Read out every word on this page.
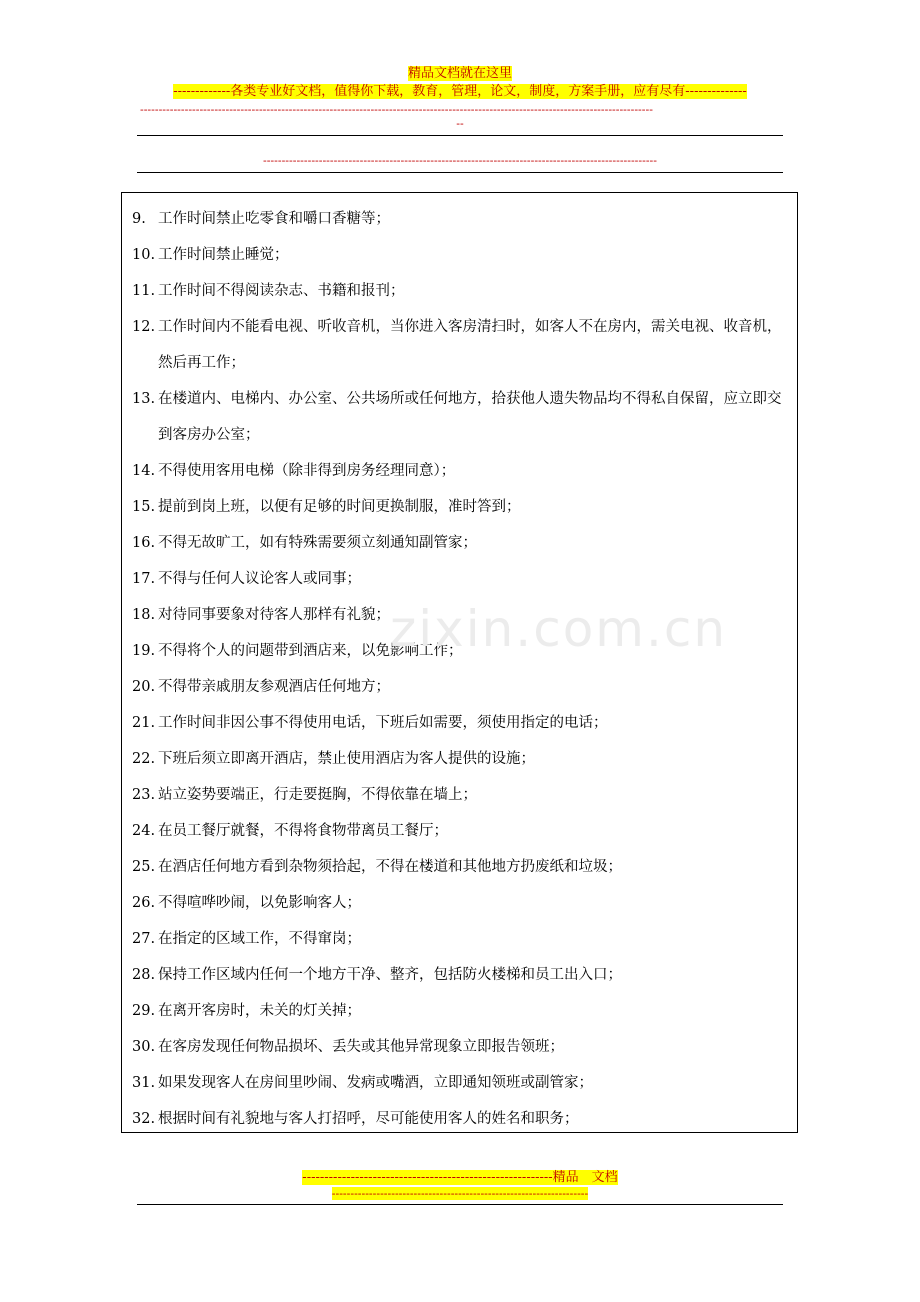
精品文档就在这里
-------------各类专业好文档，值得你下载，教育，管理，论文，制度，方案手册，应有尽有--------------
------------------------------------------------------------------------------------------------------------------------------------------
--
----------------------------------------------------------------------------------------------------------
9. 工作时间禁止吃零食和嚼口香糖等；
10. 工作时间禁止睡觉；
11. 工作时间不得阅读杂志、书籍和报刊；
12. 工作时间内不能看电视、听收音机，当你进入客房清扫时，如客人不在房内，需关电视、收音机，然后再工作；
13. 在楼道内、电梯内、办公室、公共场所或任何地方，拾获他人遗失物品均不得私自保留，应立即交到客房办公室；
14. 不得使用客用电梯（除非得到房务经理同意）；
15. 提前到岗上班，以便有足够的时间更换制服，准时答到；
16. 不得无故旷工，如有特殊需要须立刻通知副管家；
17. 不得与任何人议论客人或同事；
18. 对待同事要象对待客人那样有礼貌；
19. 不得将个人的问题带到酒店来，以免影响工作；
20. 不得带亲戚朋友参观酒店任何地方；
21. 工作时间非因公事不得使用电话，下班后如需要，须使用指定的电话；
22. 下班后须立即离开酒店，禁止使用酒店为客人提供的设施；
23. 站立姿势要端正，行走要挺胸，不得依靠在墙上；
24. 在员工餐厅就餐，不得将食物带离员工餐厅；
25. 在酒店任何地方看到杂物须拾起，不得在楼道和其他地方扔废纸和垃圾；
26. 不得喧哗吵闹，以免影响客人；
27. 在指定的区域工作，不得窜岗；
28. 保持工作区域内任何一个地方干净、整齐，包括防火楼梯和员工出入口；
29. 在离开客房时，未关的灯关掉；
30. 在客房发现任何物品损坏、丢失或其他异常现象立即报告领班；
31. 如果发现客人在房间里吵闹、发病或嘴酒，立即通知领班或副管家；
32. 根据时间有礼貌地与客人打招呼，尽可能使用客人的姓名和职务；
zixin.com.cn
---------------------------------------------------------精品　文档
---------------------------------------------------------------------
